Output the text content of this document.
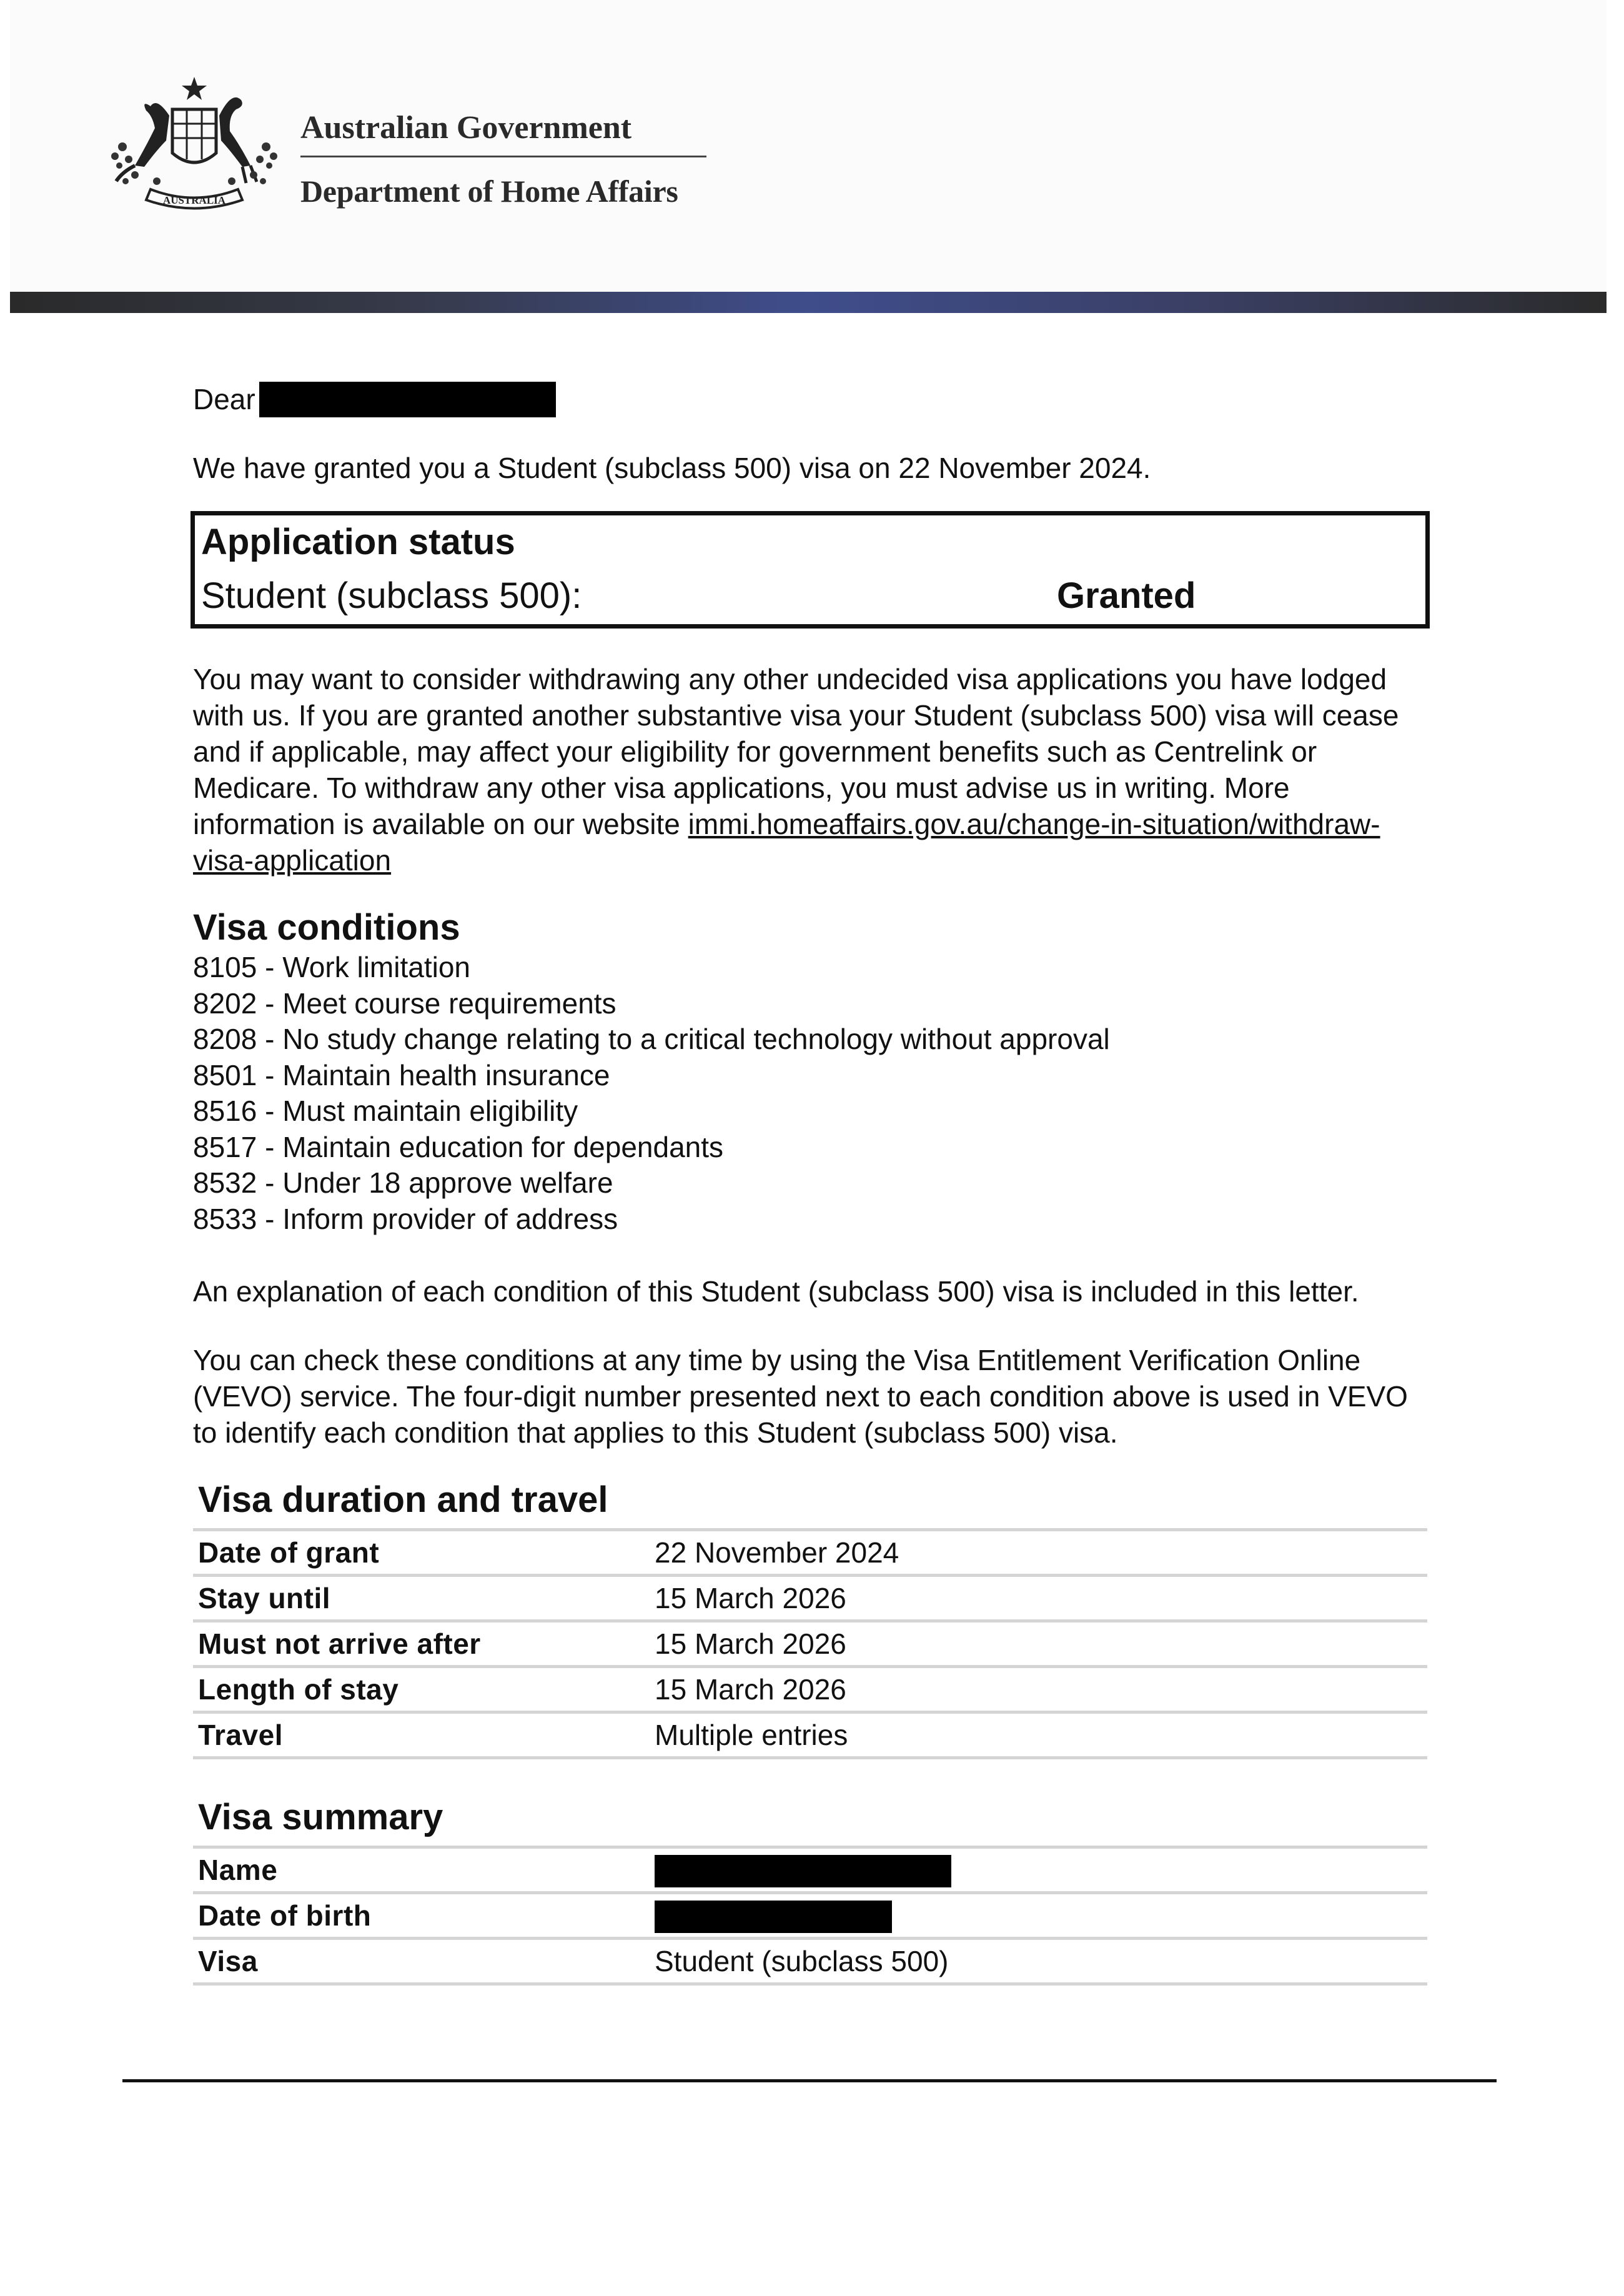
AUSTRALIA
Australian Government
Department of Home Affairs

Dear

We have granted you a Student (subclass 500) visa on 22 November 2024.

Application status
Student (subclass 500):	Granted

You may want to consider withdrawing any other undecided visa applications you have lodged with us. If you are granted another substantive visa your Student (subclass 500) visa will cease and if applicable, may affect your eligibility for government benefits such as Centrelink or Medicare. To withdraw any other visa applications, you must advise us in writing. More information is available on our website immi.homeaffairs.gov.au/change-in-situation/withdraw-visa-application

Visa conditions
8105 - Work limitation
8202 - Meet course requirements
8208 - No study change relating to a critical technology without approval
8501 - Maintain health insurance
8516 - Must maintain eligibility
8517 - Maintain education for dependants
8532 - Under 18 approve welfare
8533 - Inform provider of address

An explanation of each condition of this Student (subclass 500) visa is included in this letter.

You can check these conditions at any time by using the Visa Entitlement Verification Online (VEVO) service. The four-digit number presented next to each condition above is used in VEVO to identify each condition that applies to this Student (subclass 500) visa.

Visa duration and travel
Date of grant	22 November 2024
Stay until	15 March 2026
Must not arrive after	15 March 2026
Length of stay	15 March 2026
Travel	Multiple entries
Visa summary
Name	
Date of birth	
Visa	Student (subclass 500)
